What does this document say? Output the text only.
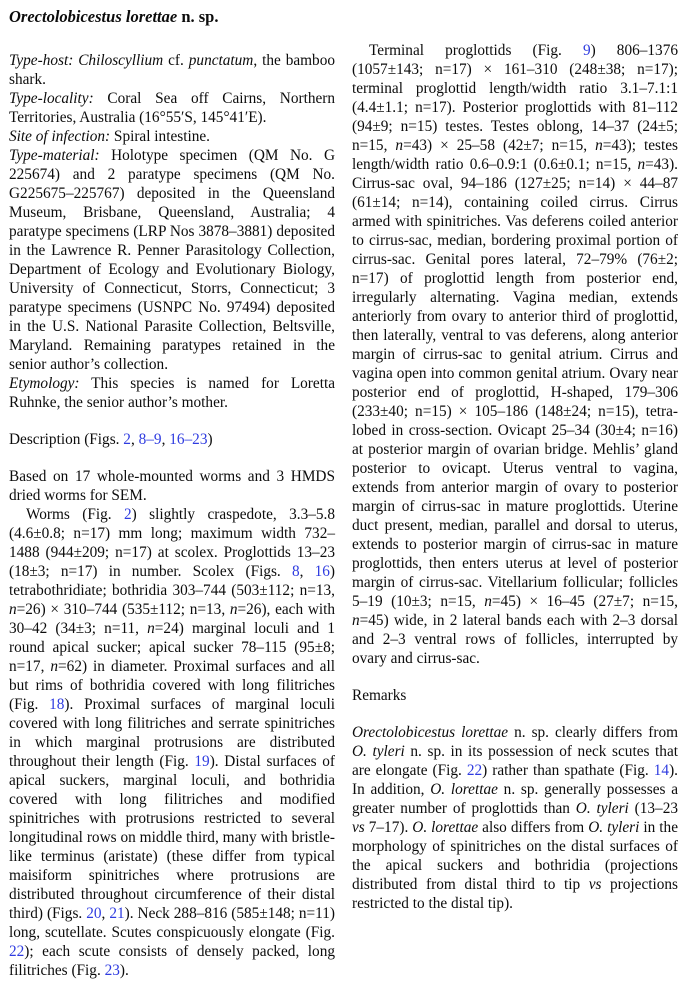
Orectolobicestus lorettae n. sp.

Type-host: Chiloscyllium cf. punctatum, the bamboo shark.

Type-locality: Coral Sea off Cairns, Northern Territories, Australia (16°55′S, 145°41′E).

Site of infection: Spiral intestine.

Type-material: Holotype specimen (QM No. G 225674) and 2 paratype specimens (QM No. G225675–225767) deposited in the Queensland Museum, Brisbane, Queensland, Australia; 4 paratype specimens (LRP Nos 3878–3881) deposited in the Lawrence R. Penner Parasitology Collection, Department of Ecology and Evolutionary Biology, University of Connecticut, Storrs, Connecticut; 3 paratype specimens (USNPC No. 97494) deposited in the U.S. National Parasite Collection, Beltsville, Maryland. Remaining paratypes retained in the senior author’s collection.

Etymology: This species is named for Loretta Ruhnke, the senior author’s mother.

Description (Figs. 2, 8–9, 16–23)

Based on 17 whole-mounted worms and 3 HMDS dried worms for SEM.

Worms (Fig. 2) slightly craspedote, 3.3–5.8 (4.6±0.8; n=17) mm long; maximum width 732–1488 (944±209; n=17) at scolex. Proglottids 13–23 (18±3; n=17) in number. Scolex (Figs. 8, 16) tetrabothridiate; bothridia 303–744 (503±112; n=13, n=26) × 310–744 (535±112; n=13, n=26), each with 30–42 (34±3; n=11, n=24) marginal loculi and 1 round apical sucker; apical sucker 78–115 (95±8; n=17, n=62) in diameter. Proximal surfaces and all but rims of bothridia covered with long filitriches (Fig. 18). Proximal surfaces of marginal loculi covered with long filitriches and serrate spinitriches in which marginal protrusions are distributed throughout their length (Fig. 19). Distal surfaces of apical suckers, marginal loculi, and bothridia covered with long filitriches and modified spinitriches with protrusions restricted to several longitudinal rows on middle third, many with bristle-like terminus (aristate) (these differ from typical maisiform spinitriches where protrusions are distributed throughout circumference of their distal third) (Figs. 20, 21). Neck 288–816 (585±148; n=11) long, scutellate. Scutes conspicuously elongate (Fig. 22); each scute consists of densely packed, long filitriches (Fig. 23).

Terminal proglottids (Fig. 9) 806–1376 (1057±143; n=17) × 161–310 (248±38; n=17); terminal proglottid length/width ratio 3.1–7.1:1 (4.4±1.1; n=17). Posterior proglottids with 81–112 (94±9; n=15) testes. Testes oblong, 14–37 (24±5; n=15, n=43) × 25–58 (42±7; n=15, n=43); testes length/width ratio 0.6–0.9:1 (0.6±0.1; n=15, n=43). Cirrus-sac oval, 94–186 (127±25; n=14) × 44–87 (61±14; n=14), containing coiled cirrus. Cirrus armed with spinitriches. Vas deferens coiled anterior to cirrus-sac, median, bordering proximal portion of cirrus-sac. Genital pores lateral, 72–79% (76±2; n=17) of proglottid length from posterior end, irregularly alternating. Vagina median, extends anteriorly from ovary to anterior third of proglottid, then laterally, ventral to vas deferens, along anterior margin of cirrus-sac to genital atrium. Cirrus and vagina open into common genital atrium. Ovary near posterior end of proglottid, H-shaped, 179–306 (233±40; n=15) × 105–186 (148±24; n=15), tetra-lobed in cross-section. Ovicapt 25–34 (30±4; n=16) at posterior margin of ovarian bridge. Mehlis’ gland posterior to ovicapt. Uterus ventral to vagina, extends from anterior margin of ovary to posterior margin of cirrus-sac in mature proglottids. Uterine duct present, median, parallel and dorsal to uterus, extends to posterior margin of cirrus-sac in mature proglottids, then enters uterus at level of posterior margin of cirrus-sac. Vitellarium follicular; follicles 5–19 (10±3; n=15, n=45) × 16–45 (27±7; n=15, n=45) wide, in 2 lateral bands each with 2–3 dorsal and 2–3 ventral rows of follicles, interrupted by ovary and cirrus-sac.

Remarks

Orectolobicestus lorettae n. sp. clearly differs from O. tyleri n. sp. in its possession of neck scutes that are elongate (Fig. 22) rather than spathate (Fig. 14). In addition, O. lorettae n. sp. generally possesses a greater number of proglottids than O. tyleri (13–23 vs 7–17). O. lorettae also differs from O. tyleri in the morphology of spinitriches on the distal surfaces of the apical suckers and bothridia (projections distributed from distal third to tip vs projections restricted to the distal tip).
